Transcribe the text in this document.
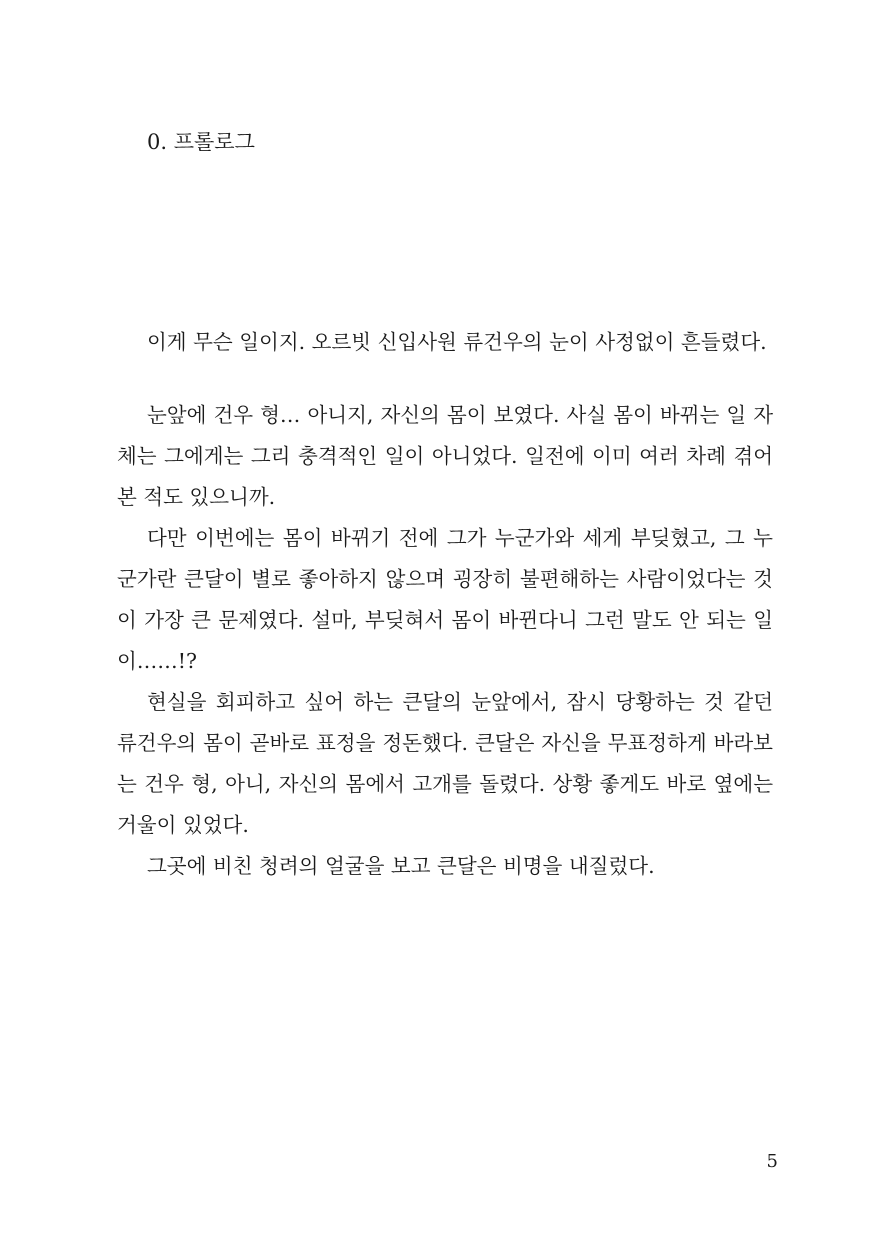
0. 프롤로그

이게 무슨 일이지. 오르빗 신입사원 류건우의 눈이 사정없이 흔들렸다.

눈앞에 건우 형… 아니지, 자신의 몸이 보였다. 사실 몸이 바뀌는 일 자체는 그에게는 그리 충격적인 일이 아니었다. 일전에 이미 여러 차례 겪어본 적도 있으니까.

다만 이번에는 몸이 바뀌기 전에 그가 누군가와 세게 부딪혔고, 그 누군가란 큰달이 별로 좋아하지 않으며 굉장히 불편해하는 사람이었다는 것이 가장 큰 문제였다. 설마, 부딪혀서 몸이 바뀐다니 그런 말도 안 되는 일이……!?

현실을 회피하고 싶어 하는 큰달의 눈앞에서, 잠시 당황하는 것 같던 류건우의 몸이 곧바로 표정을 정돈했다. 큰달은 자신을 무표정하게 바라보는 건우 형, 아니, 자신의 몸에서 고개를 돌렸다. 상황 좋게도 바로 옆에는 거울이 있었다.

그곳에 비친 청려의 얼굴을 보고 큰달은 비명을 내질렀다.

5
